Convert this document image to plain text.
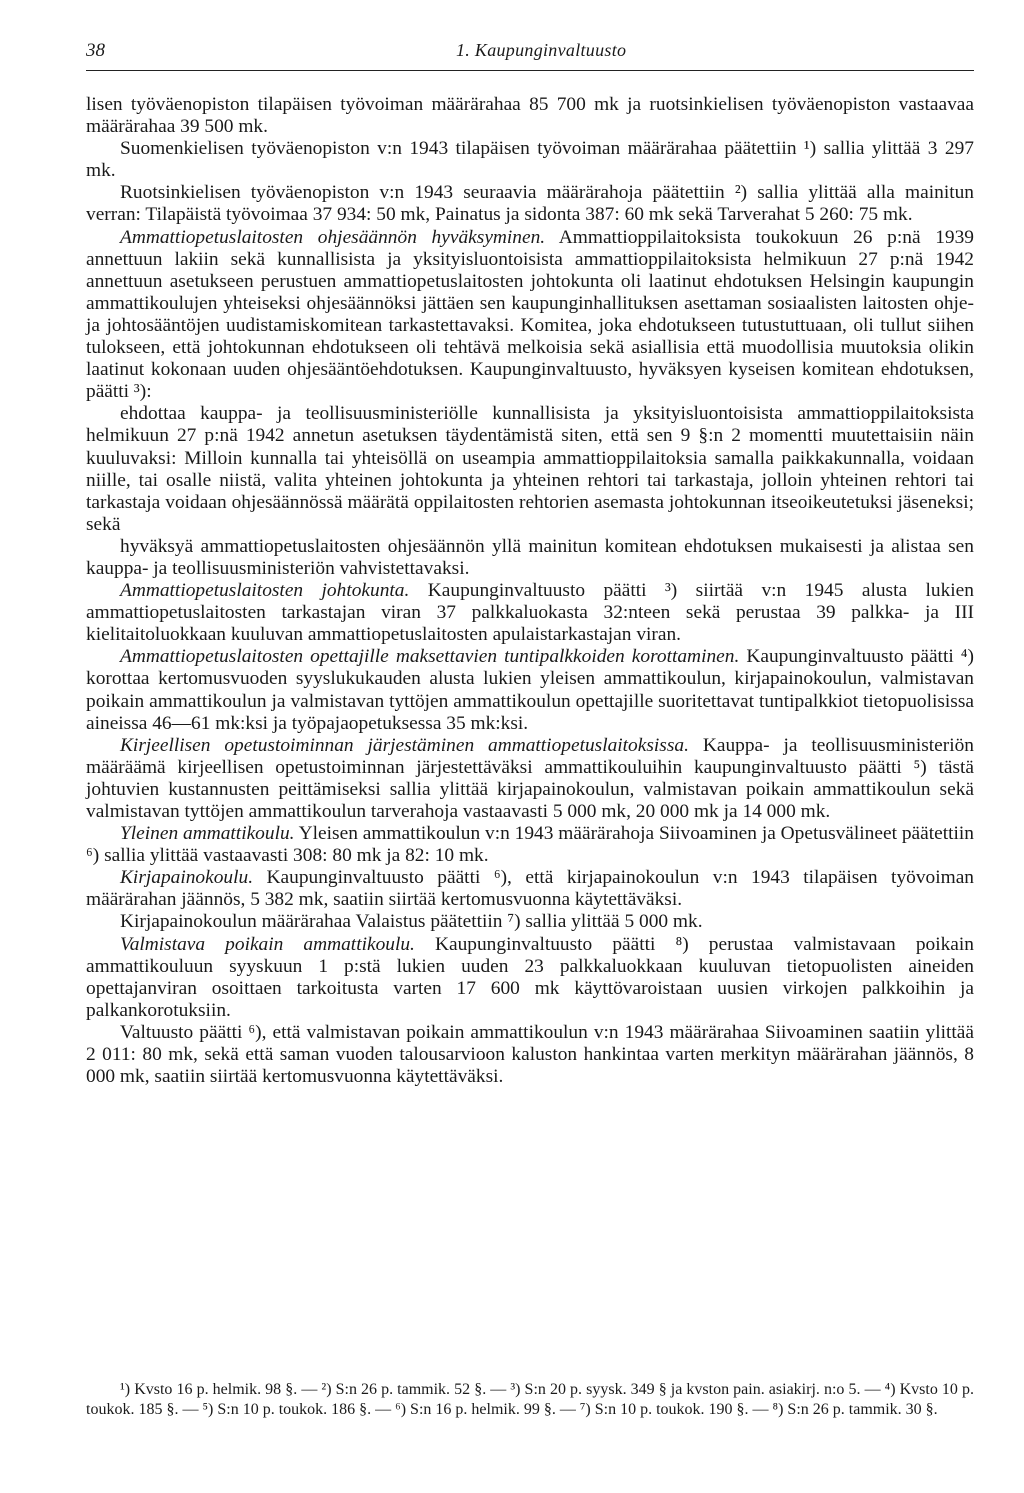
38	1. Kaupunginvaltuusto

lisen työväenopiston tilapäisen työvoiman määrärahaa 85 700 mk ja ruotsinkielisen työväenopiston vastaavaa määrärahaa 39 500 mk.

Suomenkielisen työväenopiston v:n 1943 tilapäisen työvoiman määrärahaa päätettiin ¹) sallia ylittää 3 297 mk.

Ruotsinkielisen työväenopiston v:n 1943 seuraavia määrärahoja päätettiin ²) sallia ylittää alla mainitun verran: Tilapäistä työvoimaa 37 934: 50 mk, Painatus ja sidonta 387: 60 mk sekä Tarverahat 5 260: 75 mk.

Ammattiopetuslaitosten ohjesäännön hyväksyminen. Ammattioppilaitoksista toukokuun 26 p:nä 1939 annettuun lakiin sekä kunnallisista ja yksityisluontoisista ammattioppilaitoksista helmikuun 27 p:nä 1942 annettuun asetukseen perustuen ammattiopetuslaitosten johtokunta oli laatinut ehdotuksen Helsingin kaupungin ammattikoulujen yhteiseksi ohjesäännöksi jättäen sen kaupunginhallituksen asettaman sosiaalisten laitosten ohje- ja johtosääntöjen uudistamiskomitean tarkastettavaksi. Komitea, joka ehdotukseen tutustuttuaan, oli tullut siihen tulokseen, että johtokunnan ehdotukseen oli tehtävä melkoisia sekä asiallisia että muodollisia muutoksia olikin laatinut kokonaan uuden ohjesääntöehdotuksen. Kaupunginvaltuusto, hyväksyen kyseisen komitean ehdotuksen, päätti ³):

ehdottaa kauppa- ja teollisuusministeriölle kunnallisista ja yksityisluontoisista ammattioppilaitoksista helmikuun 27 p:nä 1942 annetun asetuksen täydentämistä siten, että sen 9 §:n 2 momentti muutettaisiin näin kuuluvaksi: Milloin kunnalla tai yhteisöllä on useampia ammattioppilaitoksia samalla paikkakunnalla, voidaan niille, tai osalle niistä, valita yhteinen johtokunta ja yhteinen rehtori tai tarkastaja, jolloin yhteinen rehtori tai tarkastaja voidaan ohjesäännössä määrätä oppilaitosten rehtorien asemasta johtokunnan itseoikeutetuksi jäseneksi; sekä

hyväksyä ammattiopetuslaitosten ohjesäännön yllä mainitun komitean ehdotuksen mukaisesti ja alistaa sen kauppa- ja teollisuusministeriön vahvistettavaksi.

Ammattiopetuslaitosten johtokunta. Kaupunginvaltuusto päätti ³) siirtää v:n 1945 alusta lukien ammattiopetuslaitosten tarkastajan viran 37 palkkaluokasta 32:nteen sekä perustaa 39 palkka- ja III kielitaitoluokkaan kuuluvan ammattiopetuslaitosten apulaistarkastajan viran.

Ammattiopetuslaitosten opettajille maksettavien tuntipalkkoiden korottaminen. Kaupunginvaltuusto päätti ⁴) korottaa kertomusvuoden syyslukukauden alusta lukien yleisen ammattikoulun, kirjapainokoulun, valmistavan poikain ammattikoulun ja valmistavan tyttöjen ammattikoulun opettajille suoritettavat tuntipalkkiot tietopuolisissa aineissa 46—61 mk:ksi ja työpajaopetuksessa 35 mk:ksi.

Kirjeellisen opetustoiminnan järjestäminen ammattiopetuslaitoksissa. Kauppa- ja teollisuusministeriön määräämä kirjeellisen opetustoiminnan järjestettäväksi ammattikouluihin kaupunginvaltuusto päätti ⁵) tästä johtuvien kustannusten peittämiseksi sallia ylittää kirjapainokoulun, valmistavan poikain ammattikoulun sekä valmistavan tyttöjen ammattikoulun tarverahoja vastaavasti 5 000 mk, 20 000 mk ja 14 000 mk.

Yleinen ammattikoulu. Yleisen ammattikoulun v:n 1943 määrärahoja Siivoaminen ja Opetusvälineet päätettiin ⁶) sallia ylittää vastaavasti 308: 80 mk ja 82: 10 mk.

Kirjapainokoulu. Kaupunginvaltuusto päätti ⁶), että kirjapainokoulun v:n 1943 tilapäisen työvoiman määrärahan jäännös, 5 382 mk, saatiin siirtää kertomusvuonna käytettäväksi.

Kirjapainokoulun määrärahaa Valaistus päätettiin ⁷) sallia ylittää 5 000 mk.

Valmistava poikain ammattikoulu. Kaupunginvaltuusto päätti ⁸) perustaa valmistavaan poikain ammattikouluun syyskuun 1 p:stä lukien uuden 23 palkkaluokkaan kuuluvan tietopuolisten aineiden opettajanviran osoittaen tarkoitusta varten 17 600 mk käyttövaroistaan uusien virkojen palkkoihin ja palkankorotuksiin.

Valtuusto päätti ⁶), että valmistavan poikain ammattikoulun v:n 1943 määrärahaa Siivoaminen saatiin ylittää 2 011: 80 mk, sekä että saman vuoden talousarvioon kaluston hankintaa varten merkityn määrärahan jäännös, 8 000 mk, saatiin siirtää kertomusvuonna käytettäväksi.

¹) Kvsto 16 p. helmik. 98 §. — ²) S:n 26 p. tammik. 52 §. — ³) S:n 20 p. syysk. 349 § ja kvston pain. asiakirj. n:o 5. — ⁴) Kvsto 10 p. toukok. 185 §. — ⁵) S:n 10 p. toukok. 186 §. — ⁶) S:n 16 p. helmik. 99 §. — ⁷) S:n 10 p. toukok. 190 §. — ⁸) S:n 26 p. tammik. 30 §.
